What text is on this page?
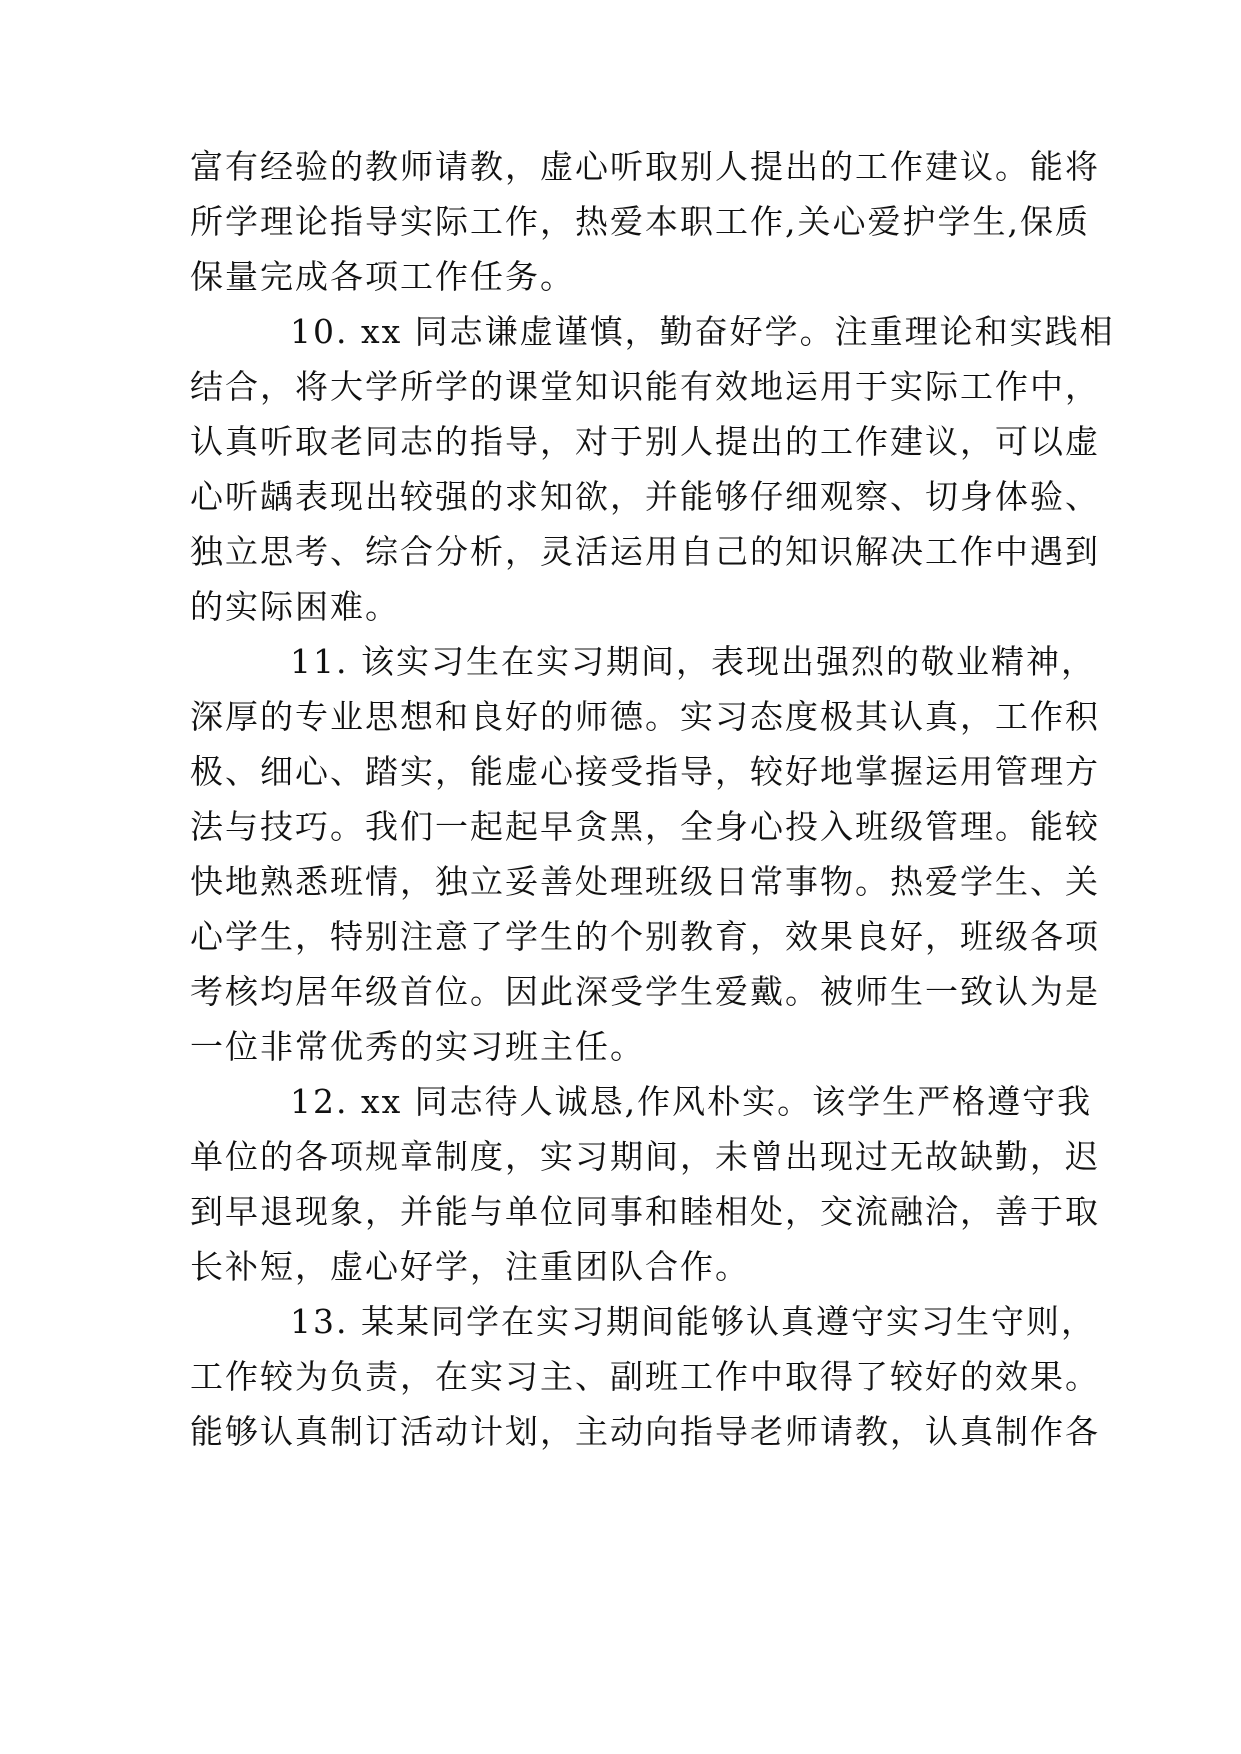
富有经验的教师请教，虚心听取别人提出的工作建议。能将
所学理论指导实际工作，热爱本职工作,关心爱护学生,保质
保量完成各项工作任务。
10. xx 同志谦虚谨慎，勤奋好学。注重理论和实践相
结合，将大学所学的课堂知识能有效地运用于实际工作中，
认真听取老同志的指导，对于别人提出的工作建议，可以虚
心听龋表现出较强的求知欲，并能够仔细观察、切身体验、
独立思考、综合分析，灵活运用自己的知识解决工作中遇到
的实际困难。
11. 该实习生在实习期间，表现出强烈的敬业精神，
深厚的专业思想和良好的师德。实习态度极其认真，工作积
极、细心、踏实，能虚心接受指导，较好地掌握运用管理方
法与技巧。我们一起起早贪黑，全身心投入班级管理。能较
快地熟悉班情，独立妥善处理班级日常事物。热爱学生、关
心学生，特别注意了学生的个别教育，效果良好，班级各项
考核均居年级首位。因此深受学生爱戴。被师生一致认为是
一位非常优秀的实习班主任。
12. xx 同志待人诚恳,作风朴实。该学生严格遵守我
单位的各项规章制度，实习期间，未曾出现过无故缺勤，迟
到早退现象，并能与单位同事和睦相处，交流融洽，善于取
长补短，虚心好学，注重团队合作。
13. 某某同学在实习期间能够认真遵守实习生守则，
工作较为负责，在实习主、副班工作中取得了较好的效果。
能够认真制订活动计划，主动向指导老师请教，认真制作各
